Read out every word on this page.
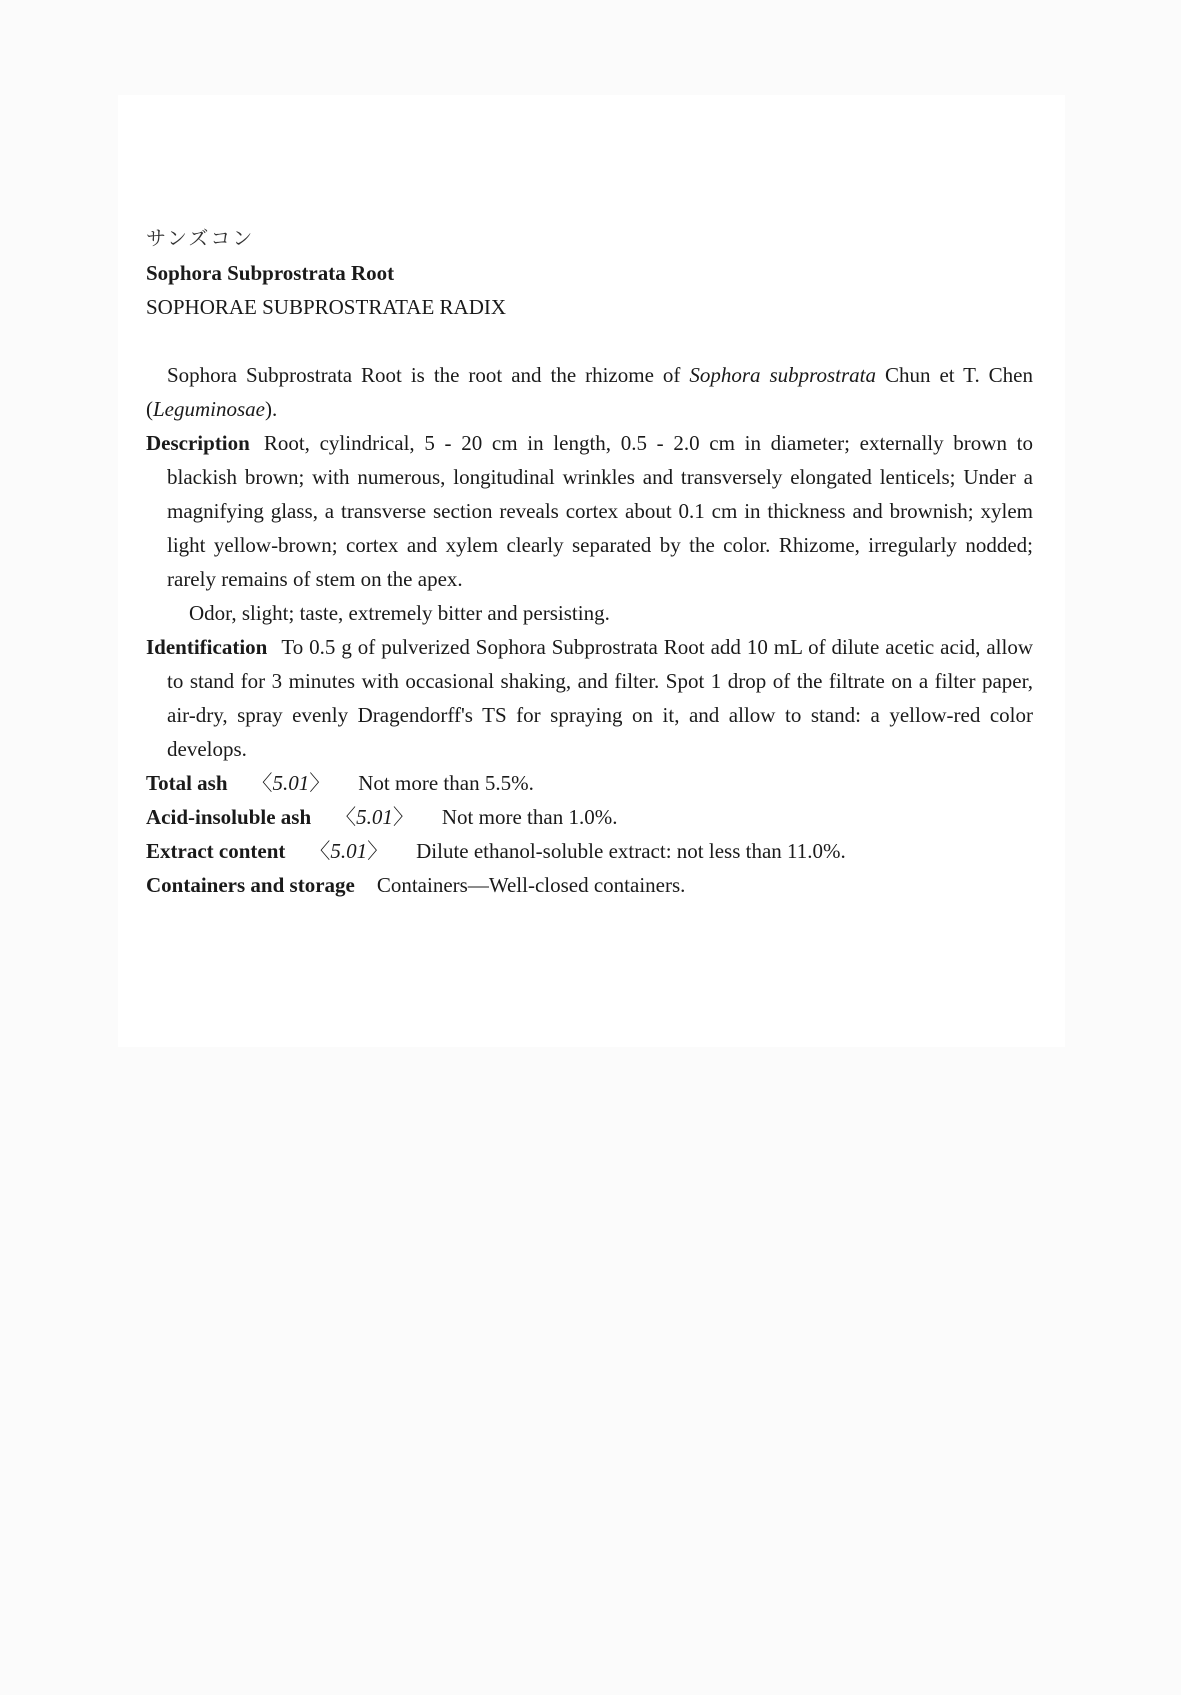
サンズコン
Sophora Subprostrata Root
SOPHORAE SUBPROSTRATAE RADIX
Sophora Subprostrata Root is the root and the rhizome of Sophora subprostrata Chun et T. Chen (Leguminosae).
Description Root, cylindrical, 5 - 20 cm in length, 0.5 - 2.0 cm in diameter; externally brown to blackish brown; with numerous, longitudinal wrinkles and transversely elongated lenticels; Under a magnifying glass, a transverse section reveals cortex about 0.1 cm in thickness and brownish; xylem light yellow-brown; cortex and xylem clearly separated by the color. Rhizome, irregularly nodded; rarely remains of stem on the apex.
Odor, slight; taste, extremely bitter and persisting.
Identification To 0.5 g of pulverized Sophora Subprostrata Root add 10 mL of dilute acetic acid, allow to stand for 3 minutes with occasional shaking, and filter. Spot 1 drop of the filtrate on a filter paper, air-dry, spray evenly Dragendorff's TS for spraying on it, and allow to stand: a yellow-red color develops.
Total ash 〈5.01〉 Not more than 5.5%.
Acid-insoluble ash 〈5.01〉 Not more than 1.0%.
Extract content 〈5.01〉 Dilute ethanol-soluble extract: not less than 11.0%.
Containers and storage Containers—Well-closed containers.
